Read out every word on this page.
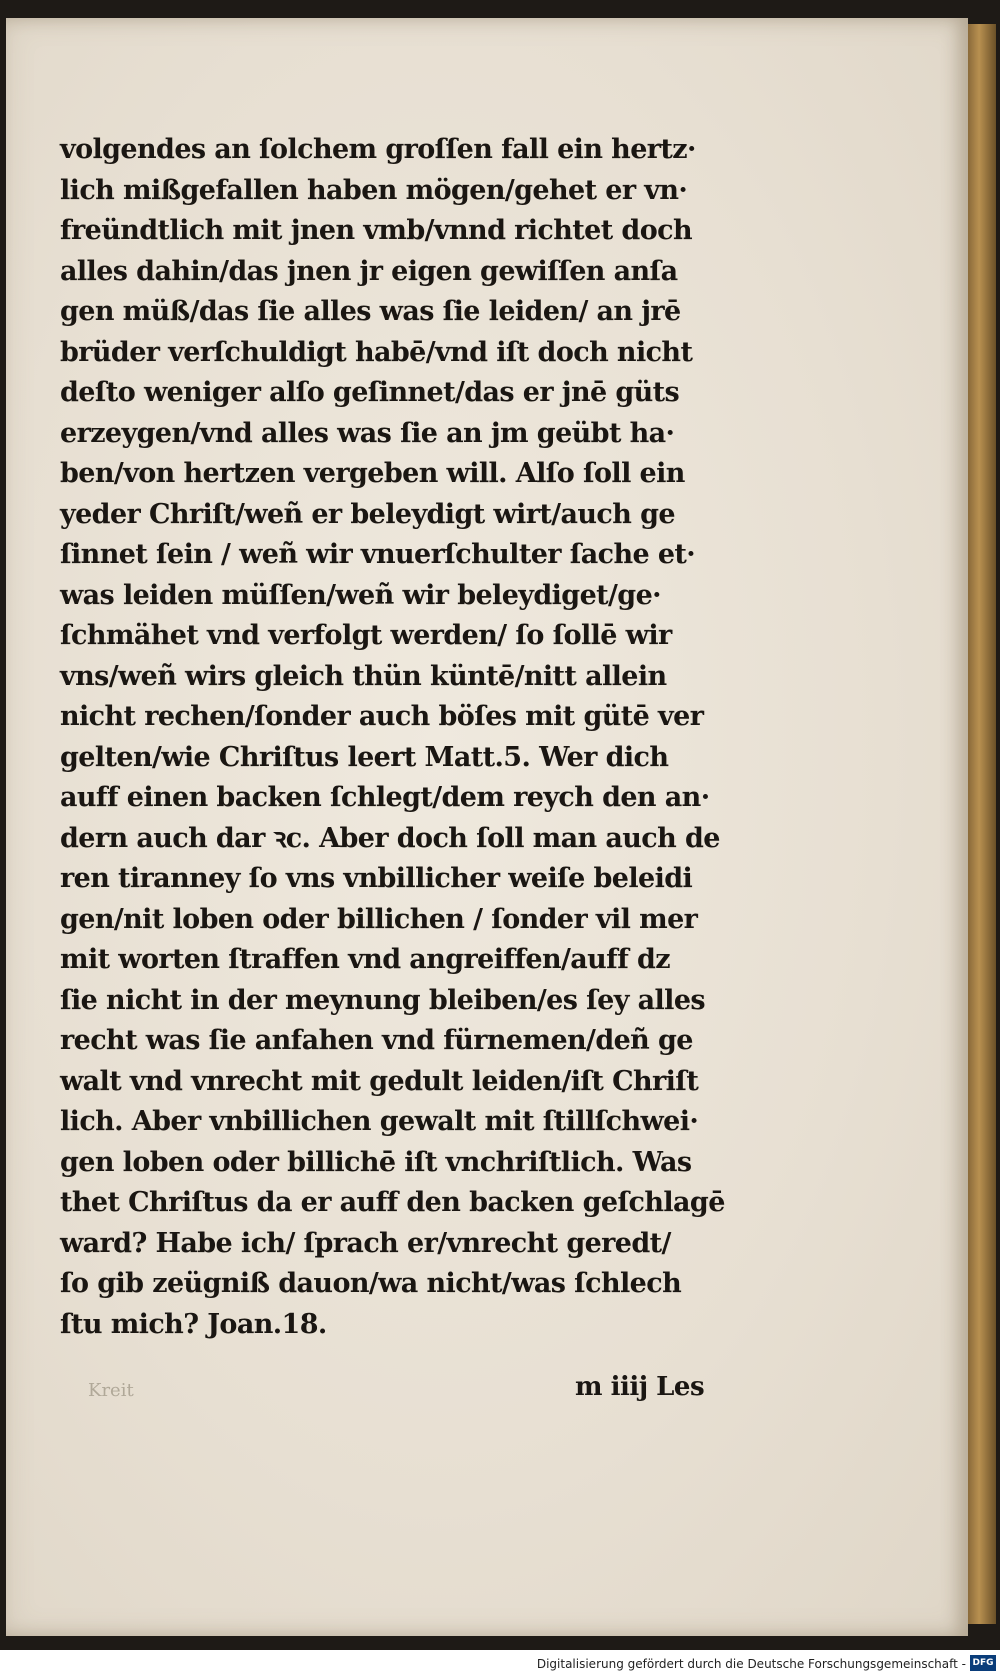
volgendes an ſolchem groſſen fall ein hertz·
lich mißgefallen haben mögen/gehet er vn·
freündtlich mit jnen vmb/vnnd richtet doch
alles dahin/das jnen jr eigen gewiſſen anſa
gen müß/das ſie alles was ſie leiden/ an jrē
brüder verſchuldigt habē/vnd iſt doch nicht
deſto weniger alſo geſinnet/das er jnē güts
erzeygen/vnd alles was ſie an jm geübt ha·
ben/von hertzen vergeben will. Alſo ſoll ein
yeder Chriſt/weñ er beleydigt wirt/auch ge
ſinnet ſein / weñ wir vnuerſchulter ſache et·
was leiden müſſen/weñ wir beleydiget/ge·
ſchmähet vnd verfolgt werden/ ſo ſollē wir
vns/weñ wirs gleich thün küntē/nitt allein
nicht rechen/ſonder auch böſes mit gütē ver
gelten/wie Chriſtus leert Matt.5. Wer dich
auff einen backen ſchlegt/dem reych den an·
dern auch dar ꝛc. Aber doch ſoll man auch de
ren tiranney ſo vns vnbillicher weiſe beleidi
gen/nit loben oder billichen / ſonder vil mer
mit worten ſtraffen vnd angreiffen/auff dz
ſie nicht in der meynung bleiben/es ſey alles
recht was ſie anfahen vnd fürnemen/deñ ge
walt vnd vnrecht mit gedult leiden/iſt Chriſt
lich. Aber vnbillichen gewalt mit ſtillſchwei·
gen loben oder billichē iſt vnchriſtlich. Was
thet Chriſtus da er auff den backen geſchlagē
ward? Habe ich/ ſprach er/vnrecht geredt/
ſo gib zeügniß dauon/wa nicht/was ſchlech
ſtu mich? Joan.18.
Kreit	m iiij Les
Digitalisierung gefördert durch die Deutsche Forschungsgemeinschaft - DFG
